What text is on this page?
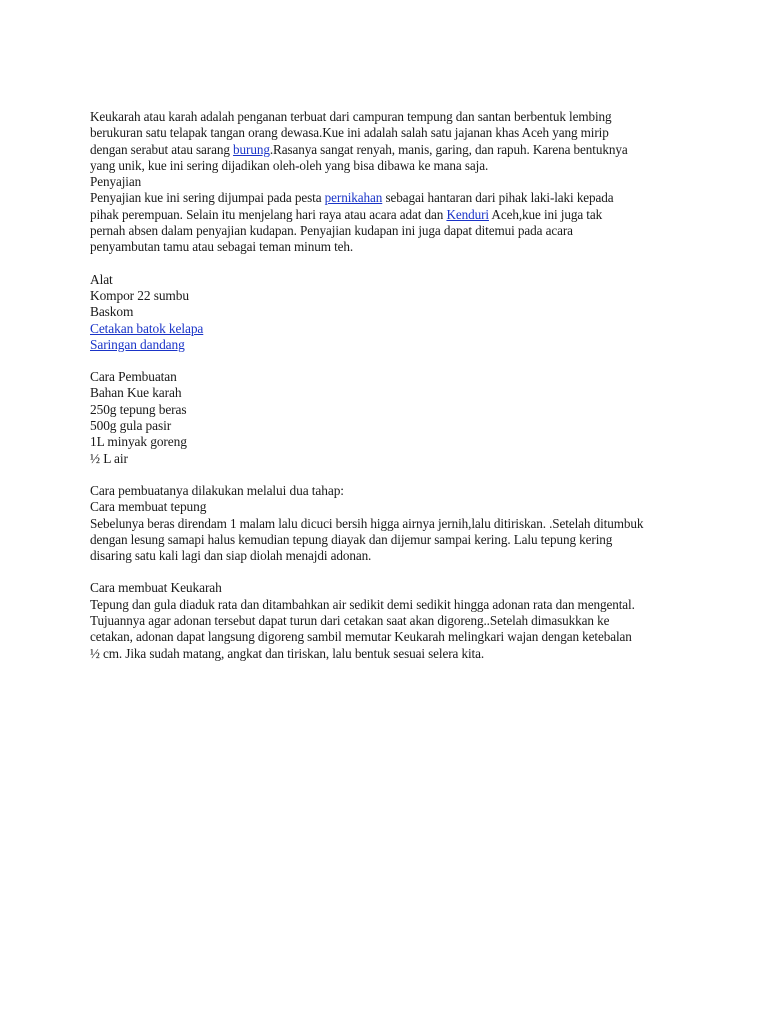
Keukarah atau karah adalah penganan terbuat dari campuran tempung dan santan berbentuk lembing
berukuran satu telapak tangan orang dewasa.Kue ini adalah salah satu jajanan khas Aceh yang mirip
dengan serabut atau sarang burung.Rasanya sangat renyah, manis, garing, dan rapuh. Karena bentuknya
yang unik, kue ini sering dijadikan oleh-oleh yang bisa dibawa ke mana saja.
Penyajian
Penyajian kue ini sering dijumpai pada pesta pernikahan sebagai hantaran dari pihak laki-laki kepada
pihak perempuan. Selain itu menjelang hari raya atau acara adat dan Kenduri Aceh,kue ini juga tak
pernah absen dalam penyajian kudapan. Penyajian kudapan ini juga dapat ditemui pada acara
penyambutan tamu atau sebagai teman minum teh.
Alat
Kompor 22 sumbu
Baskom
Cetakan batok kelapa
Saringan dandang
Cara Pembuatan
Bahan Kue karah
250g tepung beras
500g gula pasir
1L minyak goreng
½ L air
Cara pembuatanya dilakukan melalui dua tahap:
Cara membuat tepung
Sebelunya beras direndam 1 malam lalu dicuci bersih higga airnya jernih,lalu ditiriskan. .Setelah ditumbuk
dengan lesung samapi halus kemudian tepung diayak dan dijemur sampai kering. Lalu tepung kering
disaring satu kali lagi dan siap diolah menajdi adonan.
Cara membuat Keukarah
Tepung dan gula diaduk rata dan ditambahkan air sedikit demi sedikit hingga adonan rata dan mengental.
Tujuannya agar adonan tersebut dapat turun dari cetakan saat akan digoreng..Setelah dimasukkan ke
cetakan, adonan dapat langsung digoreng sambil memutar Keukarah melingkari wajan dengan ketebalan
½ cm. Jika sudah matang, angkat dan tiriskan, lalu bentuk sesuai selera kita.
